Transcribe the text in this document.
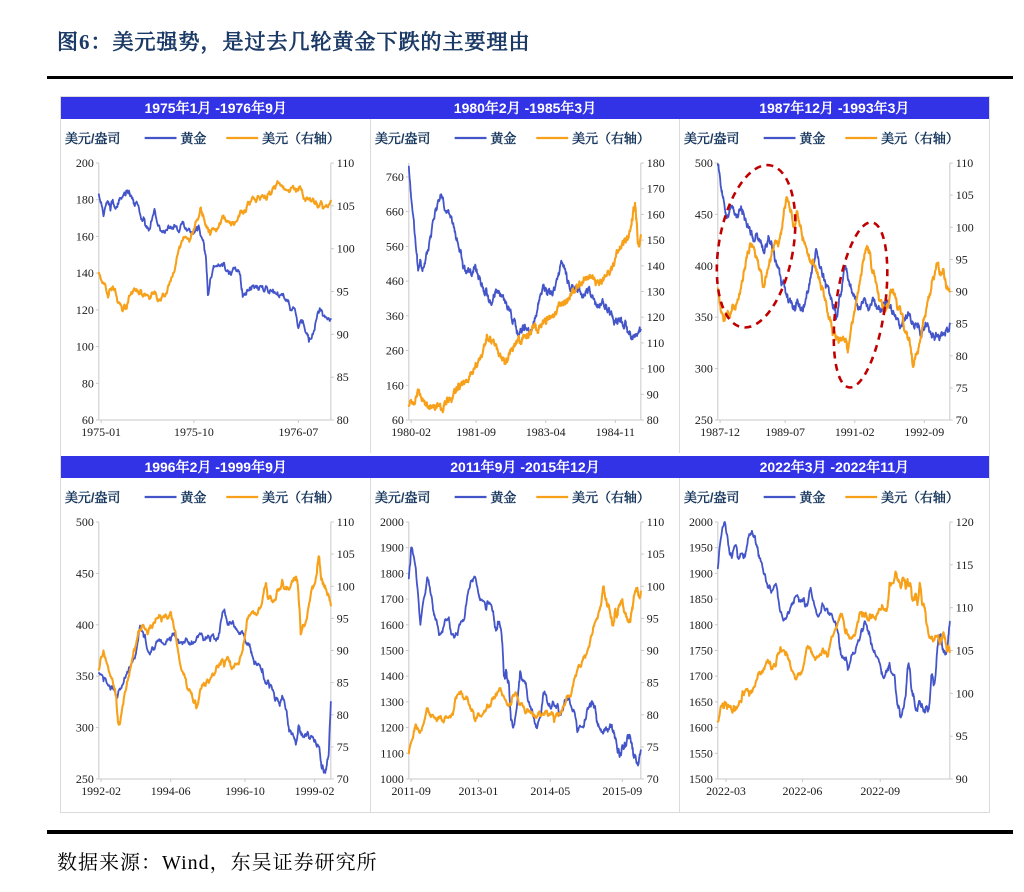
图6：美元强势，是过去几轮黄金下跌的主要理由
1975年1月 -1976年9月	1980年2月 -1985年3月	1987年12月 -1993年3月
60
80
100
120
140
160
180
200
80
85
90
95
100
105
110
1975-01	1975-10	1976-07
美元/盎司	黄金	美元（右轴）
60
160
260
360
460
560
660
760
80
90
100
110
120
130
140
150
160
170
180
1980-02 1981-09 1983-04	1984-11
美元/盎司	黄金	美元（右轴）
250
300
350
400
450
500
70
75
80
85
90
95
100
105
110
1987-12 1989-07 1991-02 1992-09
美元/盎司	黄金	美元（右轴）
1996年2月 -1999年9月	2011年9月 -2015年12月	2022年3月 -2022年11月
250
300
350
400
450
500
70
75
80
85
90
95
100
105
110
1992-02 1994-06	1996-10 1999-02
美元/盎司	黄金	美元（右轴）
1000
1100
1200
1300
1400
1500
1600
1700
1800
1900
2000
70
75
80
85
90
95
100
105
110
2011-09 2013-01	2014-05	2015-09
美元/盎司	黄金	美元（右轴）
1500
1550
1600
1650
1700
1750
1800
1850
1900
1950
2000
90
95
100
105
110
115
120
2022-03	2022-06	2022-09
美元/盎司	黄金	美元（右轴）
数据来源：Wind，东吴证券研究所
